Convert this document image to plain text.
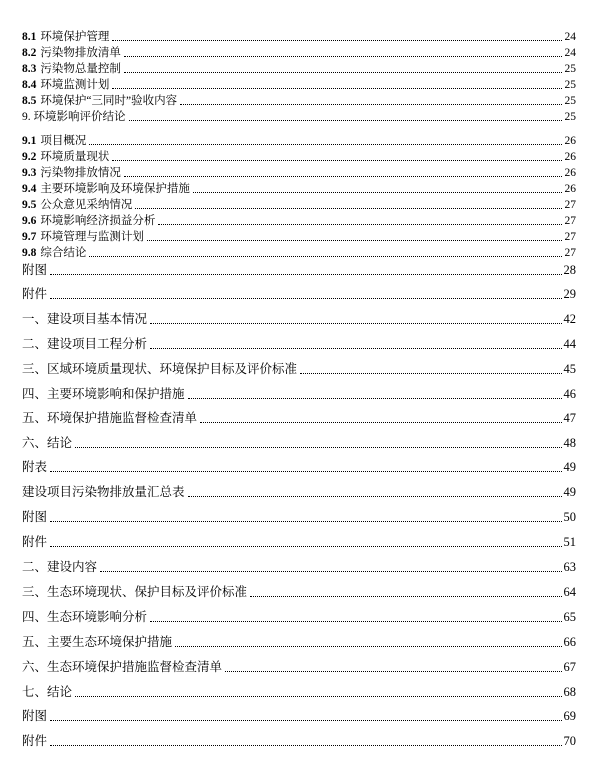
8.1 环境保护管理	24
8.2 污染物排放清单	24
8.3 污染物总量控制	25
8.4 环境监测计划	25
8.5 环境保护“三同时”验收内容	25
9. 环境影响评价结论	25
9.1 项目概况	26
9.2 环境质量现状	26
9.3 污染物排放情况	26
9.4 主要环境影响及环境保护措施	26
9.5 公众意见采纳情况	27
9.6 环境影响经济损益分析	27
9.7 环境管理与监测计划	27
9.8 综合结论	27
附图	28
附件	29
一、建设项目基本情况	42
二、建设项目工程分析	44
三、区域环境质量现状、环境保护目标及评价标准	45
四、主要环境影响和保护措施	46
五、环境保护措施监督检查清单	47
六、结论	48
附表	49
建设项目污染物排放量汇总表	49
附图	50
附件	51
二、建设内容	63
三、生态环境现状、保护目标及评价标准	64
四、生态环境影响分析	65
五、主要生态环境保护措施	66
六、生态环境保护措施监督检查清单	67
七、结论	68
附图	69
附件	70
